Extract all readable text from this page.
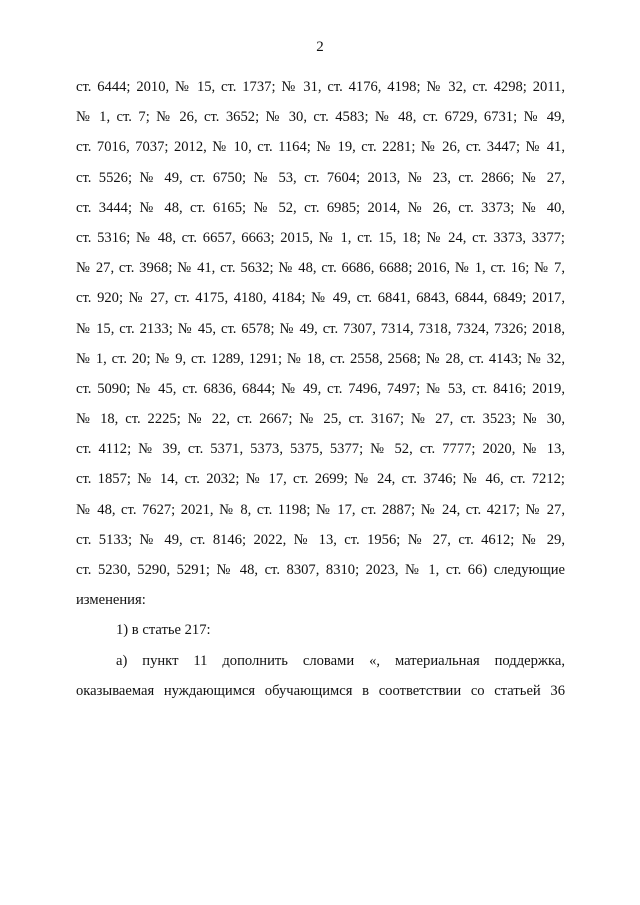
2
ст. 6444; 2010, № 15, ст. 1737; № 31, ст. 4176, 4198; № 32, ст. 4298; 2011,
№ 1, ст. 7; № 26, ст. 3652; № 30, ст. 4583; № 48, ст. 6729, 6731; № 49,
ст. 7016, 7037; 2012, № 10, ст. 1164; № 19, ст. 2281; № 26, ст. 3447; № 41,
ст. 5526; № 49, ст. 6750; № 53, ст. 7604; 2013, № 23, ст. 2866; № 27,
ст. 3444; № 48, ст. 6165; № 52, ст. 6985; 2014, № 26, ст. 3373; № 40,
ст. 5316; № 48, ст. 6657, 6663; 2015, № 1, ст. 15, 18; № 24, ст. 3373, 3377;
№ 27, ст. 3968; № 41, ст. 5632; № 48, ст. 6686, 6688; 2016, № 1, ст. 16; № 7,
ст. 920; № 27, ст. 4175, 4180, 4184; № 49, ст. 6841, 6843, 6844, 6849; 2017,
№ 15, ст. 2133; № 45, ст. 6578; № 49, ст. 7307, 7314, 7318, 7324, 7326; 2018,
№ 1, ст. 20; № 9, ст. 1289, 1291; № 18, ст. 2558, 2568; № 28, ст. 4143; № 32,
ст. 5090; № 45, ст. 6836, 6844; № 49, ст. 7496, 7497; № 53, ст. 8416; 2019,
№ 18, ст. 2225; № 22, ст. 2667; № 25, ст. 3167; № 27, ст. 3523; № 30,
ст. 4112; № 39, ст. 5371, 5373, 5375, 5377; № 52, ст. 7777; 2020, № 13,
ст. 1857; № 14, ст. 2032; № 17, ст. 2699; № 24, ст. 3746; № 46, ст. 7212;
№ 48, ст. 7627; 2021, № 8, ст. 1198; № 17, ст. 2887; № 24, ст. 4217; № 27,
ст. 5133; № 49, ст. 8146; 2022, № 13, ст. 1956; № 27, ст. 4612; № 29,
ст. 5230, 5290, 5291; № 48, ст. 8307, 8310; 2023, № 1, ст. 66) следующие
изменения:
1) в статье 217:
а) пункт 11 дополнить словами «, материальная поддержка,
оказываемая нуждающимся обучающимся в соответствии со статьей 36
